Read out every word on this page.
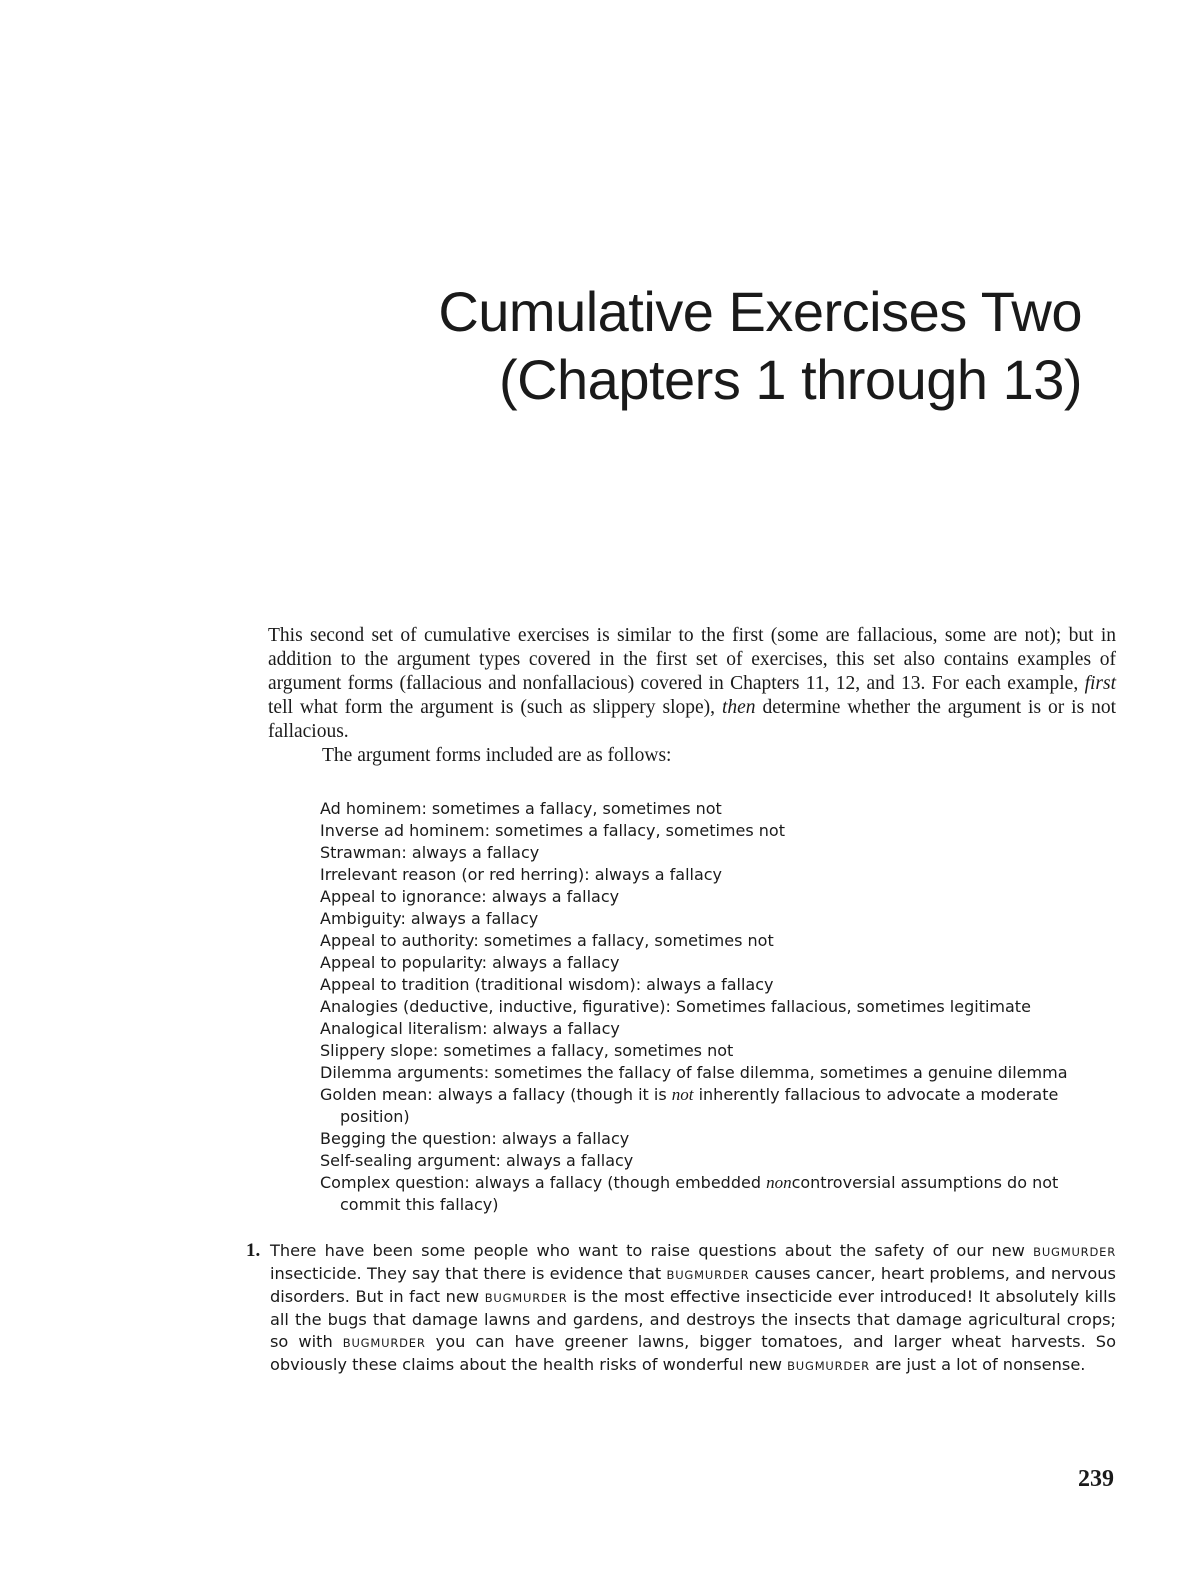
Cumulative Exercises Two
(Chapters 1 through 13)

This second set of cumulative exercises is similar to the first (some are fallacious, some are not); but in addition to the argument types covered in the first set of exercises, this set also contains examples of argument forms (fallacious and nonfallacious) covered in Chapters 11, 12, and 13. For each example, first tell what form the argument is (such as slippery slope), then determine whether the argument is or is not fallacious.

The argument forms included are as follows:

Ad hominem: sometimes a fallacy, sometimes not
Inverse ad hominem: sometimes a fallacy, sometimes not
Strawman: always a fallacy
Irrelevant reason (or red herring): always a fallacy
Appeal to ignorance: always a fallacy
Ambiguity: always a fallacy
Appeal to authority: sometimes a fallacy, sometimes not
Appeal to popularity: always a fallacy
Appeal to tradition (traditional wisdom): always a fallacy
Analogies (deductive, inductive, figurative): Sometimes fallacious, sometimes legitimate
Analogical literalism: always a fallacy
Slippery slope: sometimes a fallacy, sometimes not
Dilemma arguments: sometimes the fallacy of false dilemma, sometimes a genuine dilemma
Golden mean: always a fallacy (though it is not inherently fallacious to advocate a moderate position)
Begging the question: always a fallacy
Self-sealing argument: always a fallacy
Complex question: always a fallacy (though embedded noncontroversial assumptions do not commit this fallacy)
1. There have been some people who want to raise questions about the safety of our new BUGMURDER insecticide. They say that there is evidence that BUGMURDER causes cancer, heart problems, and nervous disorders. But in fact new BUGMURDER is the most effective insecticide ever introduced! It absolutely kills all the bugs that damage lawns and gardens, and destroys the insects that damage agricultural crops; so with BUGMURDER you can have greener lawns, bigger tomatoes, and larger wheat harvests. So obviously these claims about the health risks of wonderful new BUGMURDER are just a lot of nonsense.
239
